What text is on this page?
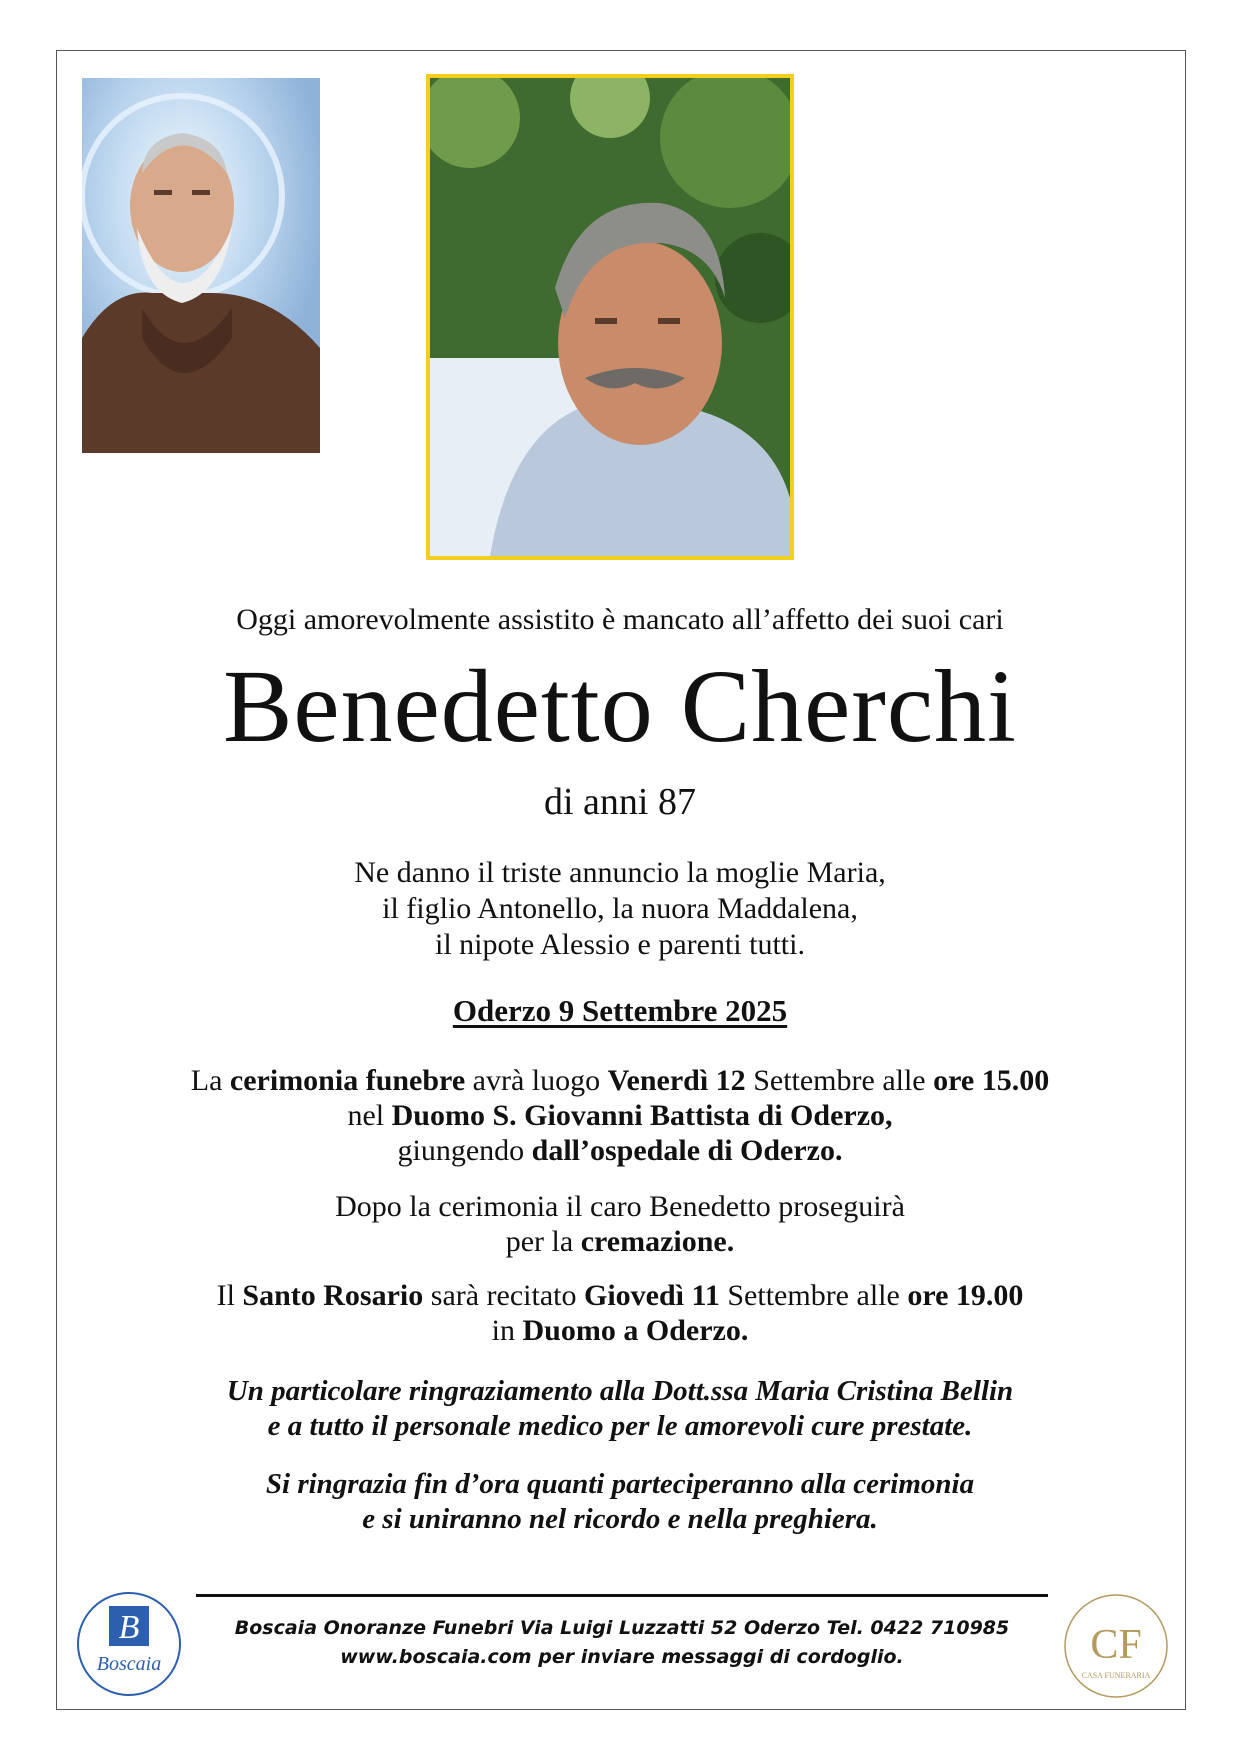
Oggi amorevolmente assistito è mancato all’affetto dei suoi cari
Benedetto Cherchi
di anni 87
Ne danno il triste annuncio la moglie Maria,
il figlio Antonello, la nuora Maddalena,
il nipote Alessio e parenti tutti.
Oderzo 9 Settembre 2025
La cerimonia funebre avrà luogo Venerdì 12 Settembre alle ore 15.00
nel Duomo S. Giovanni Battista di Oderzo,
giungendo dall’ospedale di Oderzo.
Dopo la cerimonia il caro Benedetto proseguirà
per la cremazione.
Il Santo Rosario sarà recitato Giovedì 11 Settembre alle ore 19.00
in Duomo a Oderzo.
Un particolare ringraziamento alla Dott.ssa Maria Cristina Bellin
e a tutto il personale medico per le amorevoli cure prestate.
Si ringrazia fin d’ora quanti parteciperanno alla cerimonia
e si uniranno nel ricordo e nella preghiera.
Boscaia Onoranze Funebri Via Luigi Luzzatti 52 Oderzo Tel. 0422 710985
www.boscaia.com per inviare messaggi di cordoglio.
B
Boscaia	CF
CASA FUNERARIA
